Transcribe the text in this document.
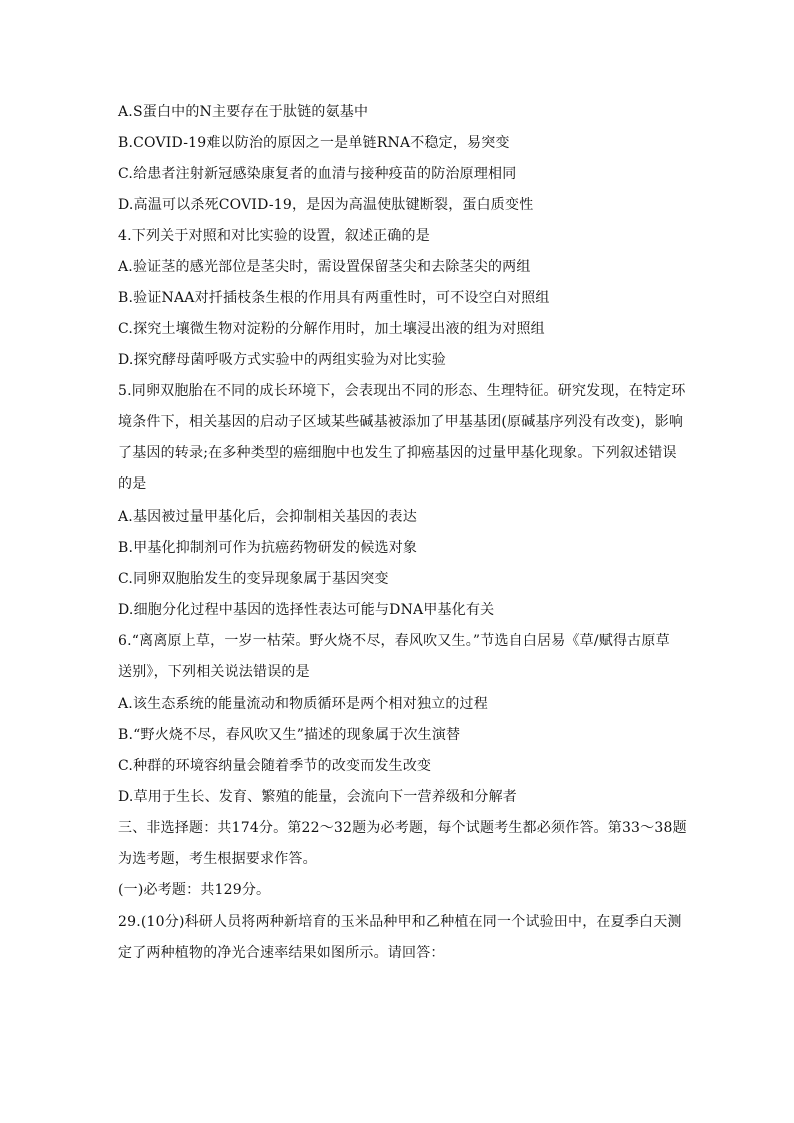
A.S蛋白中的N主要存在于肽链的氨基中
B.COVID-19难以防治的原因之一是单链RNA不稳定，易突变
C.给患者注射新冠感染康复者的血清与接种疫苗的防治原理相同
D.高温可以杀死COVID-19，是因为高温使肽键断裂，蛋白质变性
4.下列关于对照和对比实验的设置，叙述正确的是
A.验证茎的感光部位是茎尖时，需设置保留茎尖和去除茎尖的两组
B.验证NAA对扦插枝条生根的作用具有两重性时，可不设空白对照组
C.探究土壤微生物对淀粉的分解作用时，加土壤浸出液的组为对照组
D.探究酵母菌呼吸方式实验中的两组实验为对比实验
5.同卵双胞胎在不同的成长环境下，会表现出不同的形态、生理特征。研究发现，在特定环
境条件下，相关基因的启动子区域某些碱基被添加了甲基基团(原碱基序列没有改变)，影响
了基因的转录;在多种类型的癌细胞中也发生了抑癌基因的过量甲基化现象。下列叙述错误
的是
A.基因被过量甲基化后，会抑制相关基因的表达
B.甲基化抑制剂可作为抗癌药物研发的候选对象
C.同卵双胞胎发生的变异现象属于基因突变
D.细胞分化过程中基因的选择性表达可能与DNA甲基化有关
6.“离离原上草，一岁一枯荣。野火烧不尽，春风吹又生。”节选自白居易《草/赋得古原草
送别》，下列相关说法错误的是
A.该生态系统的能量流动和物质循环是两个相对独立的过程
B.“野火烧不尽，春风吹又生”描述的现象属于次生演替
C.种群的环境容纳量会随着季节的改变而发生改变
D.草用于生长、发育、繁殖的能量，会流向下一营养级和分解者
三、非选择题：共174分。第22～32题为必考题，每个试题考生都必须作答。第33～38题
为选考题，考生根据要求作答。
(一)必考题：共129分。
29.(10分)科研人员将两种新培育的玉米品种甲和乙种植在同一个试验田中，在夏季白天测
定了两种植物的净光合速率结果如图所示。请回答：
